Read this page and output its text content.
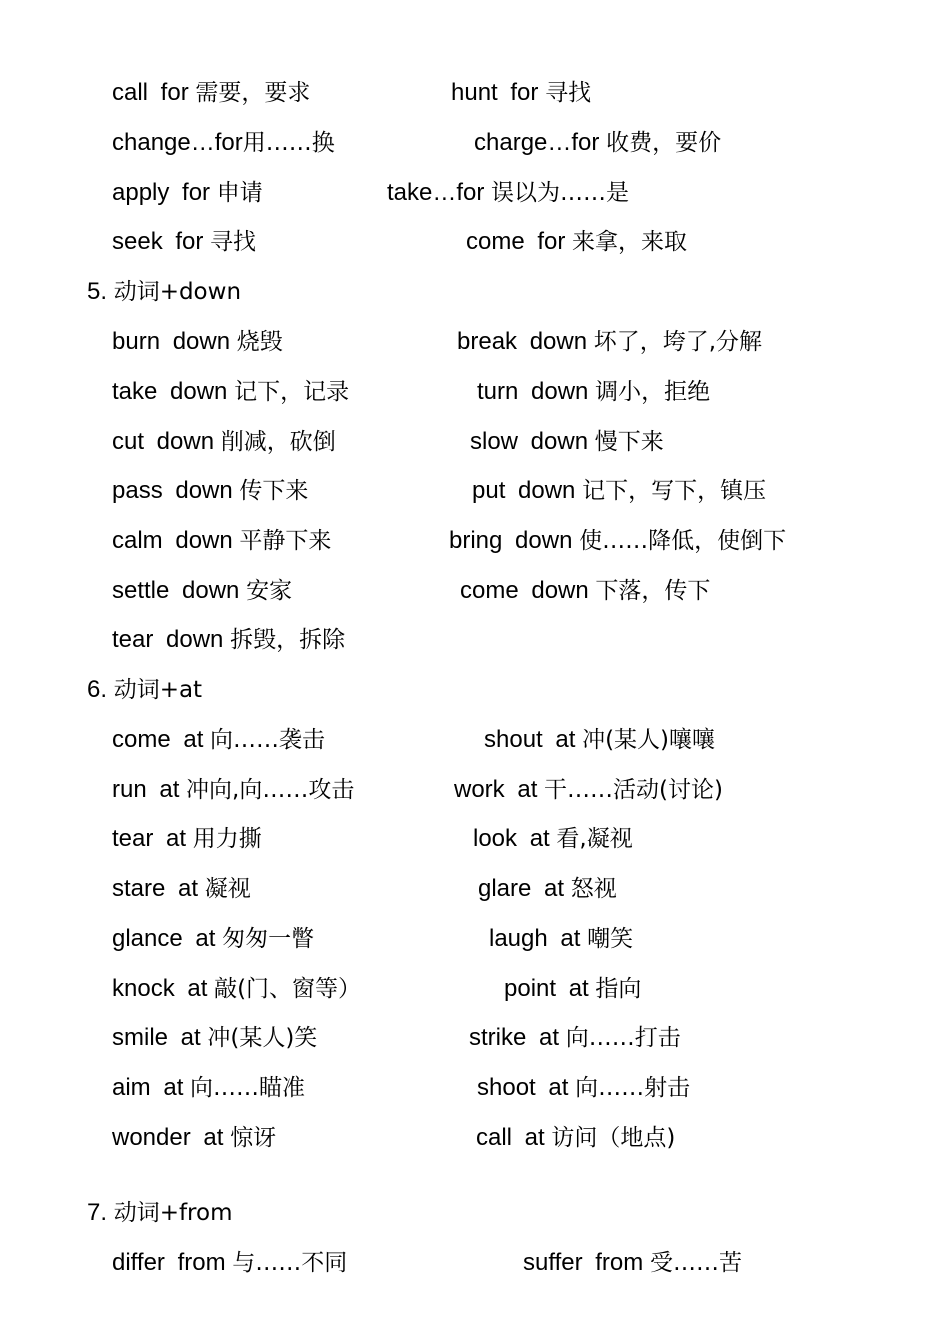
call for 需要，要求	hunt for 寻找
change…for用……换	charge…for 收费，要价
apply for 申请	take…for 误以为……是
seek for 寻找	come for 来拿，来取
5. 动词+down
burn down 烧毁	break down 坏了，垮了,分解
take down 记下，记录	turn down 调小，拒绝
cut down 削减，砍倒	slow down 慢下来
pass down 传下来	put down 记下，写下，镇压
calm down 平静下来	bring down 使……降低，使倒下
settle down 安家	come down 下落，传下
tear down 拆毁，拆除
6. 动词+at
come at 向……袭击	shout at 冲(某人)嚷嚷
run at 冲向,向……攻击	work at 干……活动(讨论)
tear at 用力撕	look at 看,凝视
stare at 凝视	glare at 怒视
glance at 匆匆一瞥	laugh at 嘲笑
knock at 敲(门、窗等）	point at 指向
smile at 冲(某人)笑	strike at 向……打击
aim at 向……瞄准	shoot at 向……射击
wonder at 惊讶	call at 访问（地点)
7. 动词+from
differ from 与……不同	suffer from 受……苦
